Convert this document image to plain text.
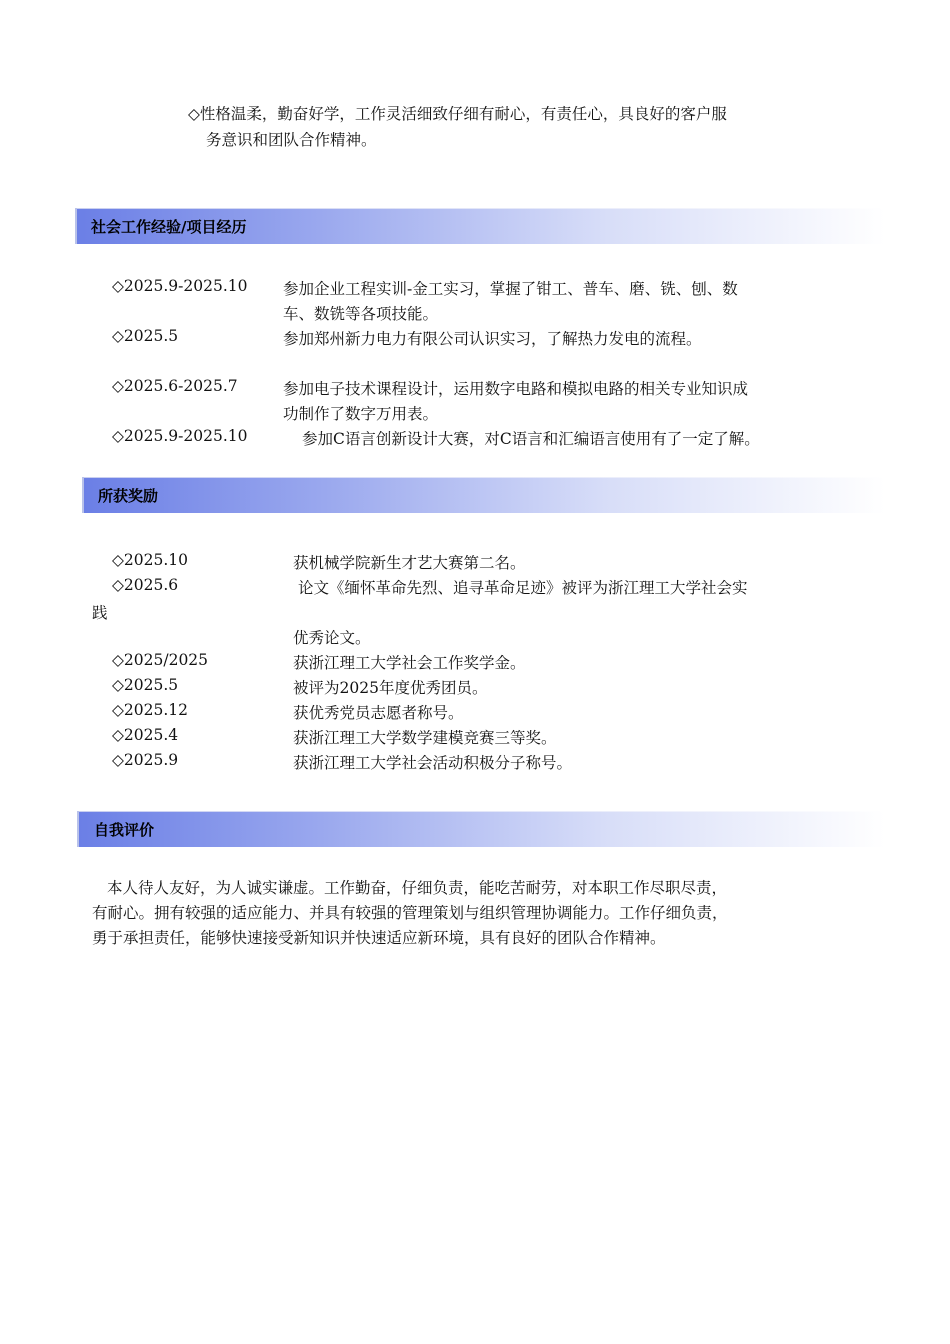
◇性格温柔，勤奋好学，工作灵活细致仔细有耐心，有责任心，具良好的客户服
务意识和团队合作精神。
社会工作经验/项目经历
◇2025.9-2025.10 参加企业工程实训-金工实习，掌握了钳工、普车、磨、铣、刨、数
车、数铣等各项技能。
◇2025.5	参加郑州新力电力有限公司认识实习，了解热力发电的流程。
◇2025.6-2025.7	参加电子技术课程设计，运用数字电路和模拟电路的相关专业知识成
功制作了数字万用表。
◇2025.9-2025.10	参加C语言创新设计大赛，对C语言和汇编语言使用有了一定了解。
所获奖励
◇2025.10	获机械学院新生才艺大赛第二名。
◇2025.6	论文《缅怀革命先烈、追寻革命足迹》被评为浙江理工大学社会实
践
优秀论文。
◇2025/2025	获浙江理工大学社会工作奖学金。
◇2025.5	被评为2025年度优秀团员。
◇2025.12	获优秀党员志愿者称号。
◇2025.4	获浙江理工大学数学建模竞赛三等奖。
◇2025.9	获浙江理工大学社会活动积极分子称号。
自我评价
本人待人友好，为人诚实谦虚。工作勤奋，仔细负责，能吃苦耐劳，对本职工作尽职尽责，
有耐心。拥有较强的适应能力、并具有较强的管理策划与组织管理协调能力。工作仔细负责，
勇于承担责任，能够快速接受新知识并快速适应新环境，具有良好的团队合作精神。
